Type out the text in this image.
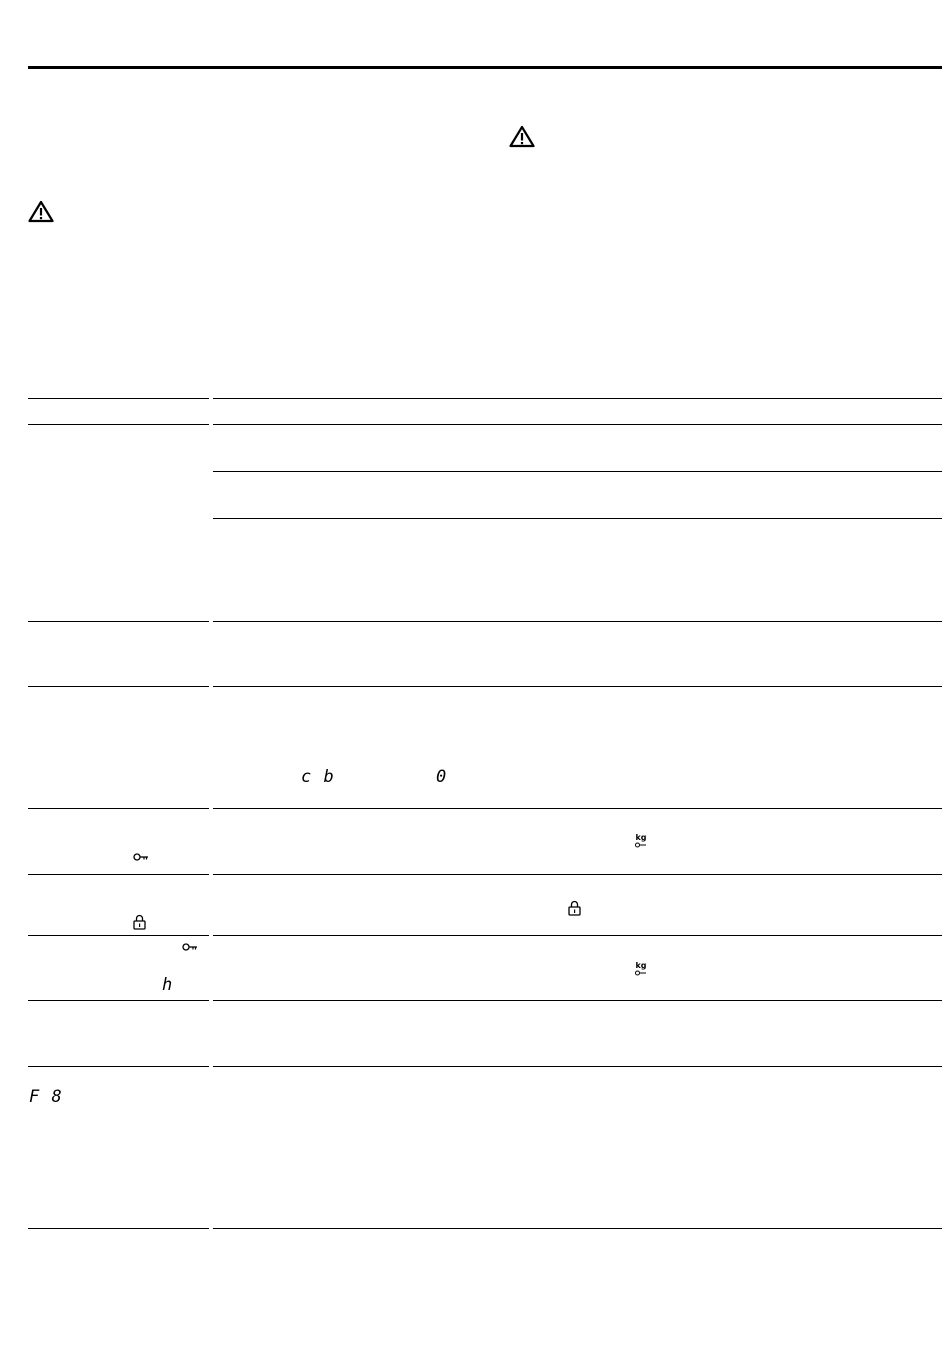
c b	0
kg
kg
h
F 8
